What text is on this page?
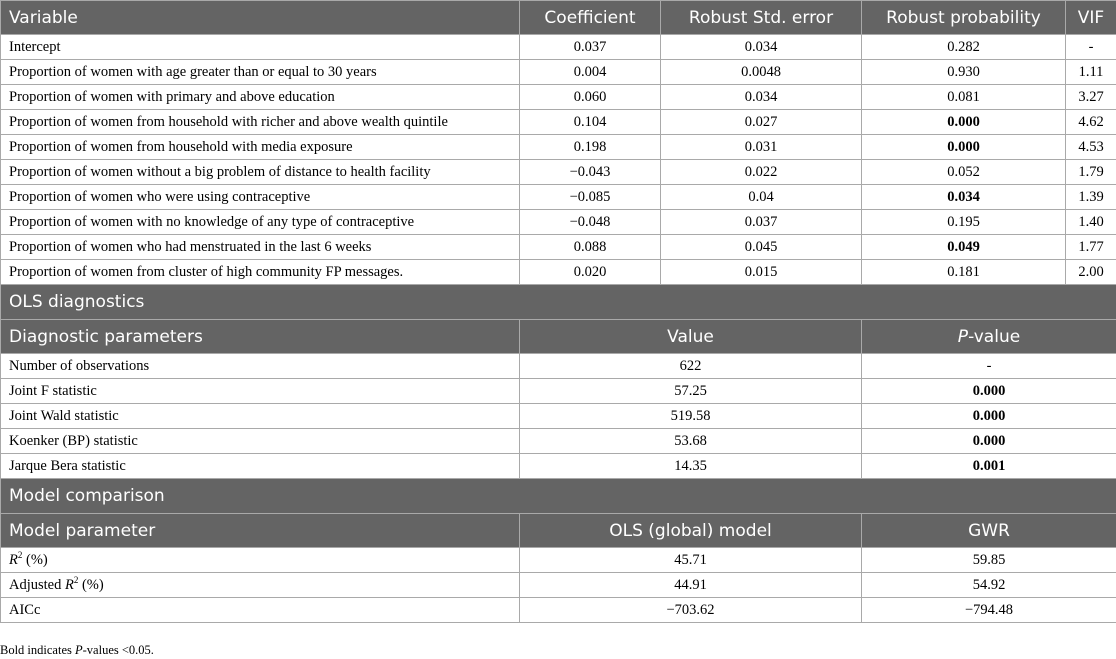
Variable	Coefficient	Robust Std. error	Robust probability	VIF
Intercept	0.037	0.034	0.282	-
Proportion of women with age greater than or equal to 30 years	0.004	0.0048	0.930	1.11
Proportion of women with primary and above education	0.060	0.034	0.081	3.27
Proportion of women from household with richer and above wealth quintile	0.104	0.027	0.000	4.62
Proportion of women from household with media exposure	0.198	0.031	0.000	4.53
Proportion of women without a big problem of distance to health facility	−0.043	0.022	0.052	1.79
Proportion of women who were using contraceptive	−0.085	0.04	0.034	1.39
Proportion of women with no knowledge of any type of contraceptive	−0.048	0.037	0.195	1.40
Proportion of women who had menstruated in the last 6 weeks	0.088	0.045	0.049	1.77
Proportion of women from cluster of high community FP messages.	0.020	0.015	0.181	2.00
OLS diagnostics				
Diagnostic parameters	Value		P-value	
Number of observations	622		-	
Joint F statistic	57.25		0.000	
Joint Wald statistic	519.58		0.000	
Koenker (BP) statistic	53.68		0.000	
Jarque Bera statistic	14.35		0.001	
Model comparison				
Model parameter	OLS (global) model		GWR	
$R^2$ (%)	45.71		59.85	
Adjusted $R^2$ (%)	44.91		54.92	
AICc	−703.62		−794.48	
Bold indicates P-values <0.05.
